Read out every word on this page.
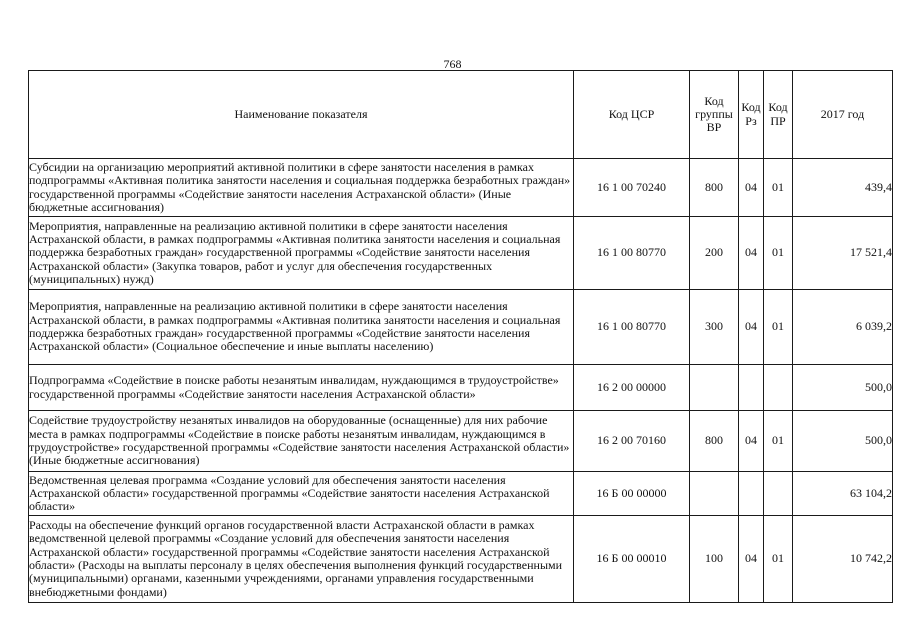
768
Наименование показателя	Код ЦСР	Код группы ВР	Код Рз	Код ПР	2017 год
Субсидии на организацию мероприятий активной политики в сфере занятости населения в рамках подпрограммы «Активная политика занятости населения и социальная поддержка безработных граждан» государственной программы «Содействие занятости населения Астраханской области» (Иные бюджетные ассигнования)	16 1 00 70240	800	04	01	439,4
Мероприятия, направленные на реализацию активной политики в сфере занятости населения Астраханской области, в рамках подпрограммы «Активная политика занятости населения и социальная поддержка безработных граждан» государственной программы «Содействие занятости населения Астраханской области» (Закупка товаров, работ и услуг для обеспечения государственных (муниципальных) нужд)	16 1 00 80770	200	04	01	17 521,4
Мероприятия, направленные на реализацию активной политики в сфере занятости населения Астраханской области, в рамках подпрограммы «Активная политика занятости населения и социальная поддержка безработных граждан» государственной программы «Содействие занятости населения Астраханской области» (Социальное обеспечение и иные выплаты населению)	16 1 00 80770	300	04	01	6 039,2
Подпрограмма «Содействие в поиске работы незанятым инвалидам, нуждающимся в трудоустройстве» государственной программы «Содействие занятости населения Астраханской области»	16 2 00 00000				500,0
Содействие трудоустройству незанятых инвалидов на оборудованные (оснащенные) для них рабочие места в рамках подпрограммы «Содействие в поиске работы незанятым инвалидам, нуждающимся в трудоустройстве» государственной программы «Содействие занятости населения Астраханской области» (Иные бюджетные ассигнования)	16 2 00 70160	800	04	01	500,0
Ведомственная целевая программа «Создание условий для обеспечения занятости населения Астраханской области» государственной программы «Содействие занятости населения Астраханской области»	16 Б 00 00000				63 104,2
Расходы на обеспечение функций органов государственной власти Астраханской области в рамках ведомственной целевой программы «Создание условий для обеспечения занятости населения Астраханской области» государственной программы «Содействие занятости населения Астраханской области» (Расходы на выплаты персоналу в целях обеспечения выполнения функций государственными (муниципальными) органами, казенными учреждениями, органами управления государственными внебюджетными фондами)	16 Б 00 00010	100	04	01	10 742,2
